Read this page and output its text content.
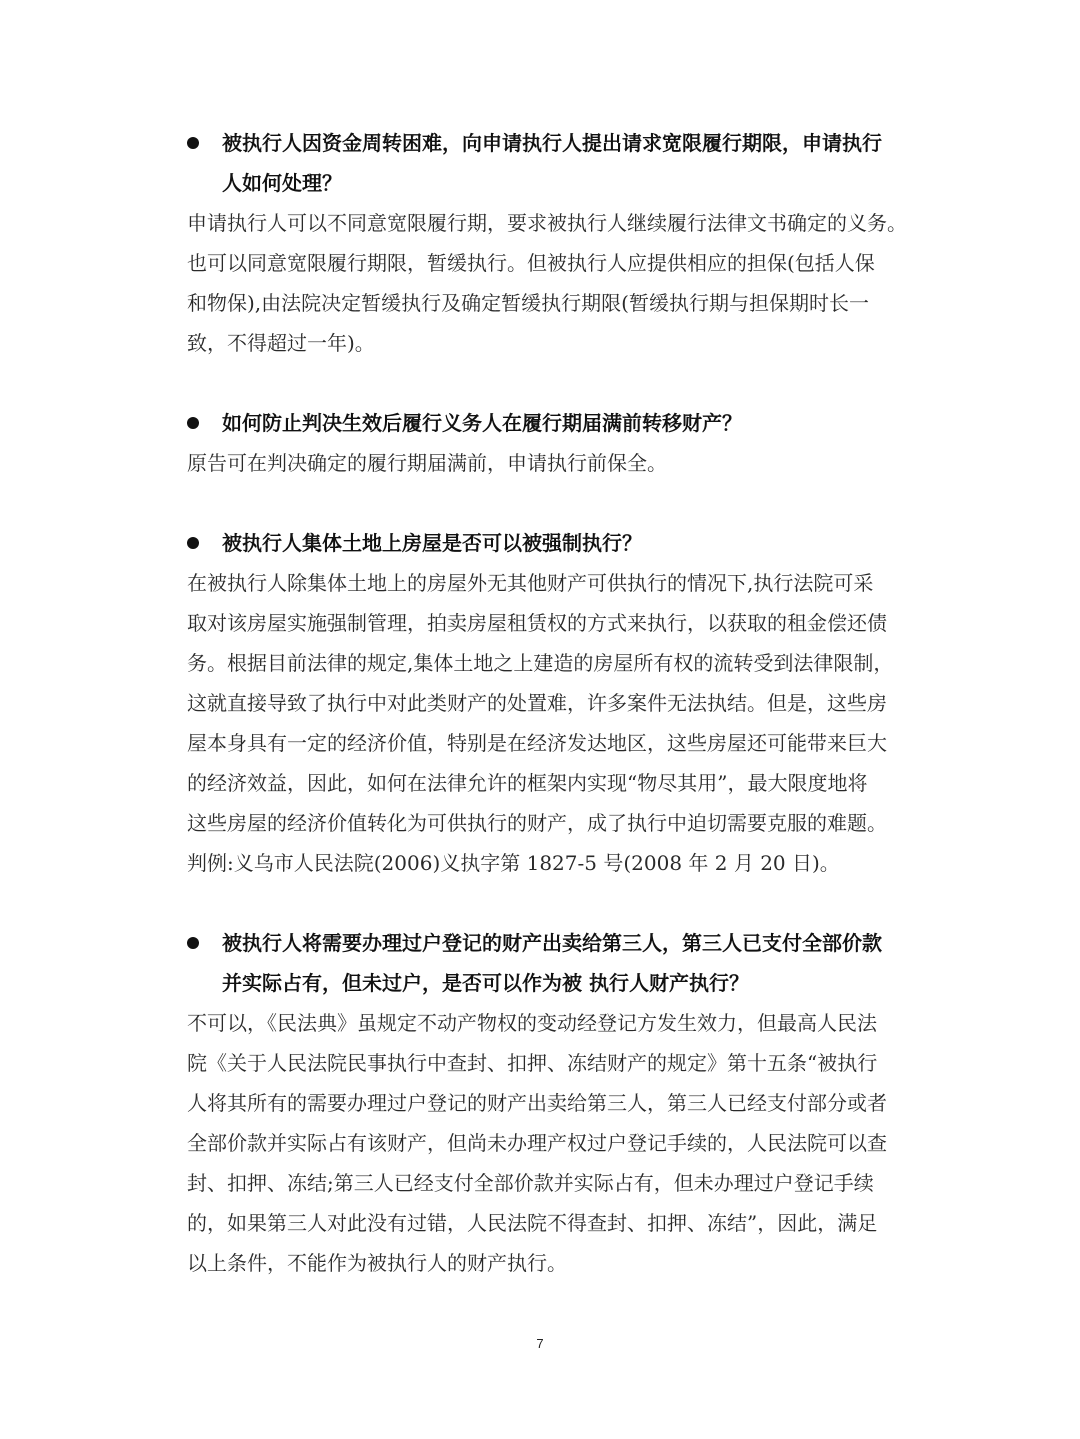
被执行人因资金周转困难，向申请执行人提出请求宽限履行期限，申请执行
人如何处理？
申请执行人可以不同意宽限履行期，要求被执行人继续履行法律文书确定的义务。
也可以同意宽限履行期限，暂缓执行。但被执行人应提供相应的担保(包括人保
和物保),由法院决定暂缓执行及确定暂缓执行期限(暂缓执行期与担保期时长一
致，不得超过一年)。
如何防止判决生效后履行义务人在履行期届满前转移财产？
原告可在判决确定的履行期届满前，申请执行前保全。
被执行人集体土地上房屋是否可以被强制执行？
在被执行人除集体土地上的房屋外无其他财产可供执行的情况下,执行法院可采
取对该房屋实施强制管理，拍卖房屋租赁权的方式来执行，以获取的租金偿还债
务。根据目前法律的规定,集体土地之上建造的房屋所有权的流转受到法律限制，
这就直接导致了执行中对此类财产的处置难，许多案件无法执结。但是，这些房
屋本身具有一定的经济价值，特别是在经济发达地区，这些房屋还可能带来巨大
的经济效益，因此，如何在法律允许的框架内实现“物尽其用”，最大限度地将
这些房屋的经济价值转化为可供执行的财产，成了执行中迫切需要克服的难题。
判例:义乌市人民法院(2006)义执字第 1827-5 号(2008 年 2 月 20 日)。
被执行人将需要办理过户登记的财产出卖给第三人，第三人已支付全部价款
并实际占有，但未过户，是否可以作为被 执行人财产执行？
不可以，《民法典》虽规定不动产物权的变动经登记方发生效力，但最高人民法
院《关于人民法院民事执行中查封、扣押、冻结财产的规定》第十五条“被执行
人将其所有的需要办理过户登记的财产出卖给第三人，第三人已经支付部分或者
全部价款并实际占有该财产，但尚未办理产权过户登记手续的，人民法院可以查
封、扣押、冻结;第三人已经支付全部价款并实际占有，但未办理过户登记手续
的，如果第三人对此没有过错，人民法院不得查封、扣押、冻结”，因此，满足
以上条件，不能作为被执行人的财产执行。
7
